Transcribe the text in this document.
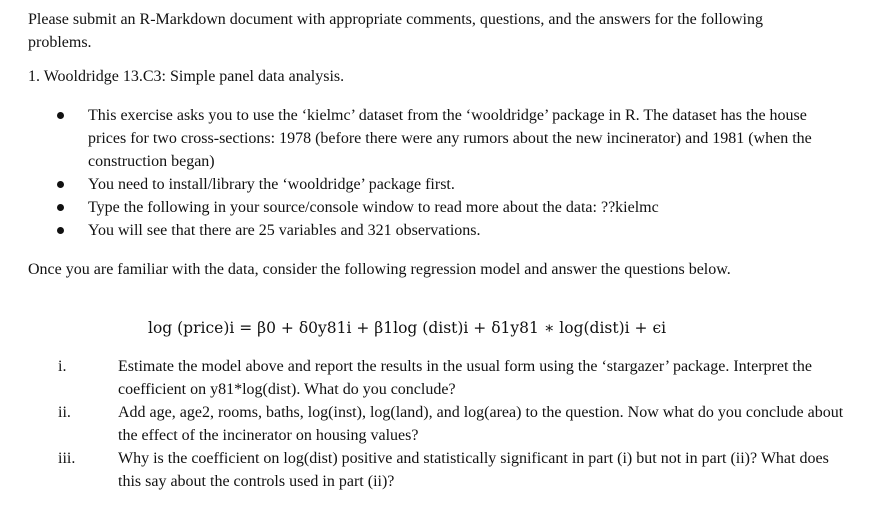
Please submit an R-Markdown document with appropriate comments, questions, and the answers for the following problems.
1. Wooldridge 13.C3: Simple panel data analysis.
This exercise asks you to use the ‘kielmc’ dataset from the ‘wooldridge’ package in R. The dataset has the house prices for two cross-sections: 1978 (before there were any rumors about the new incinerator) and 1981 (when the construction began)
You need to install/library the ‘wooldridge’ package first.
Type the following in your source/console window to read more about the data: ??kielmc
You will see that there are 25 variables and 321 observations.
Once you are familiar with the data, consider the following regression model and answer the questions below.
log (price)i = β0 + δ0y81i + β1log (dist)i + δ1y81 ∗ log(dist)i + ϵi
i.	Estimate the model above and report the results in the usual form using the ‘stargazer’ package. Interpret the coefficient on y81*log(dist). What do you conclude?
ii.	Add age, age2, rooms, baths, log(inst), log(land), and log(area) to the question. Now what do you conclude about the effect of the incinerator on housing values?
iii.	Why is the coefficient on log(dist) positive and statistically significant in part (i) but not in part (ii)? What does this say about the controls used in part (ii)?
